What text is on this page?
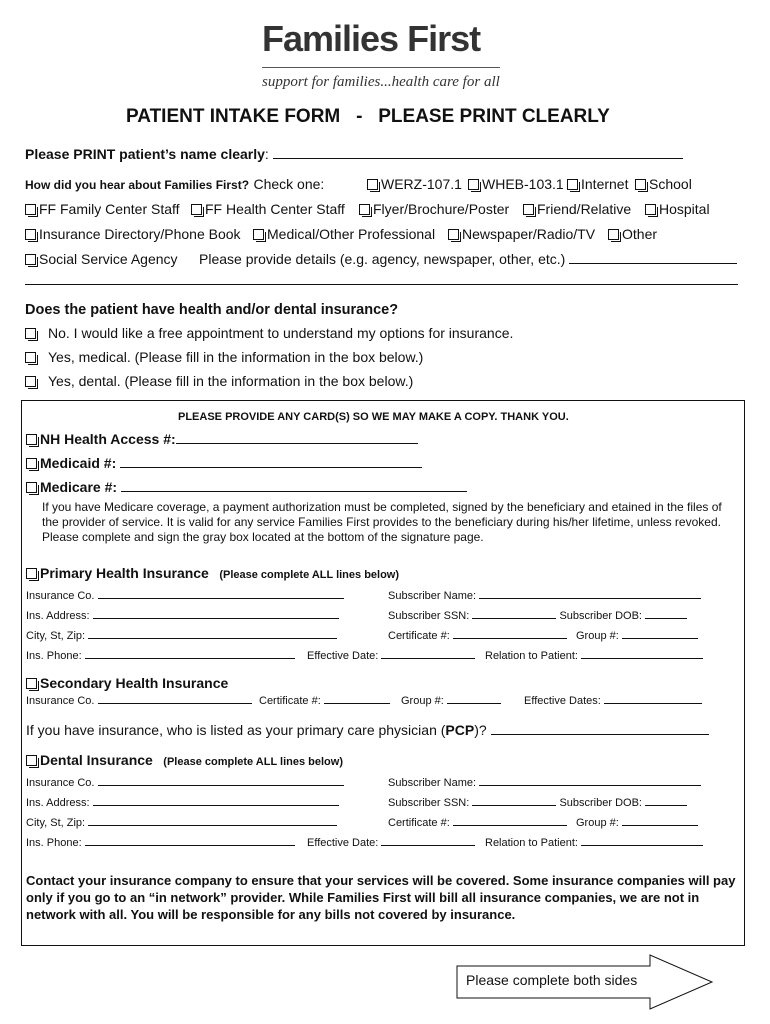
Families First
support for families...health care for all
PATIENT INTAKE FORM   -   PLEASE PRINT CLEARLY
Please PRINT patient’s name clearly:
How did you hear about Families First? Check one:	WERZ-107.1	WHEB-103.1	Internet	School
FF Family Center Staff	FF Health Center Staff	Flyer/Brochure/Poster	Friend/Relative	Hospital
Insurance Directory/Phone Book	Medical/Other Professional	Newspaper/Radio/TV	Other
Social Service Agency Please provide details (e.g. agency, newspaper, other, etc.)
Does the patient have health and/or dental insurance?
No. I would like a free appointment to understand my options for insurance.
Yes, medical. (Please fill in the information in the box below.)
Yes, dental. (Please fill in the information in the box below.)
PLEASE PROVIDE ANY CARD(S) SO WE MAY MAKE A COPY. THANK YOU.
NH Health Access #:
Medicaid #:
Medicare #:
If you have Medicare coverage, a payment authorization must be completed, signed by the beneficiary and etained in the files of the provider of service. It is valid for any service Families First provides to the beneficiary during his/her lifetime, unless revoked. Please complete and sign the gray box located at the bottom of the signature page.
Primary Health Insurance (Please complete ALL lines below)
Insurance Co.	Subscriber Name:
Ins. Address:	Subscriber SSN:	Subscriber DOB:
City, St, Zip:	Certificate #:	Group #:
Ins. Phone:	Effective Date:	Relation to Patient:
Secondary Health Insurance
Insurance Co.	Certificate #:	Group #:	Effective Dates:
If you have insurance, who is listed as your primary care physician (PCP)?
Dental Insurance (Please complete ALL lines below)
Insurance Co.	Subscriber Name:
Ins. Address:	Subscriber SSN:	Subscriber DOB:
City, St, Zip:	Certificate #:	Group #:
Ins. Phone:	Effective Date:	Relation to Patient:
Contact your insurance company to ensure that your services will be covered. Some insurance companies will pay only if you go to an “in network” provider. While Families First will bill all insurance companies, we are not in network with all. You will be responsible for any bills not covered by insurance.
Please complete both sides
